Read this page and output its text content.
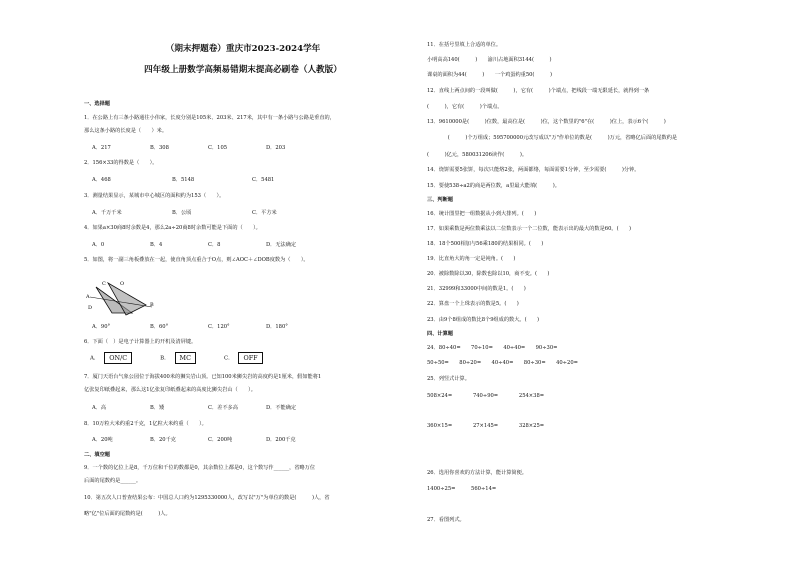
（期末押题卷）重庆市2023-2024学年
四年级上册数学高频易错期末提高必刷卷（人教版）
一、选择题
1．在公路上有三条小路通往小伟家，长度分别是105米、203米、217米，其中有一条小路与公路是垂直的，
那么这条小路的长度是（　　）米。
A．217	B．308	C．105	D．203
2．156×33的得数是（　　）。
A．468	B．5148	C．5481
3．测量结果显示，某城市中心城区的面积约为153（　　）。
A．千万千米	B．公顷	C．平方米
4．如果a×30商8时余数是4，那么2a÷20商8时余数可能是下面的（　　）。
A．0	B．4	C．8	D．无法确定
5．如图，将一副三角板叠放在一起，使直角顶点重合于O点，则∠AOC＋∠DOB度数为（　　）。
C
A
D
O
B
A．90°	B．60°	C．120°	D．180°
6．下面（　）是电子计算器上的开机及清屏键。
A． ON/C	B． MC	C． OFF
7．厦门天语台气象公园位于海拔400米的狮尖岩山顶。已知100米狮尖岩的高度约是1厘米，假如能将1
亿张复印纸叠起来，那么这1亿张复印纸叠起来的高度比狮尖岩山（　　）。
A．高	B．矮	C．差不多高	D．不能确定
8．10万粒大米约重2千克，1亿粒大米约重（　　）。
A．20吨	B．20千克	C．200吨	D．200千克
二、填空题
9．一个数的亿位上是8，千万位和千位的数都是0，其余数位上都是0，这个数写作______，省略万位
后面的尾数约是______。
10．第五次人口普查结果公布：中国总人口约为1295330000人，改写以"万"为单位的数是(　　　)人，省
略"亿"位后面的尾数约是(　　　)人。
11．在括号里填上合适的单位。
小明高高140(　　　)　　渝川占地面积3144(　　　)
课桌的面积为44(　　　)　　一个鸡蛋约重50(　　　)
12．直线上两点间的一段叫做(　　　)，它有(　　　)个端点，把线段一端无限延长，就得到一条
(　　　)，它有(　　　)个端点。
13．9610000是(　　　)位数，最高位是(　　　)位，这个数里的"6"在(　　　)位上，表示6个(　　　)
　　　　(　　　)个万组成；595700000元改写成以"万"作单位的数是(　　　)万元，省略亿后面的尾数约是
(　　　)亿元，580031206读作(　　　)。
14．烧饼需要5张饼，每次只能烙2张，两面都烙，每面需要1分钟，至少需要(　　　)分钟。
15．要使538÷a2的商是两位数，a里最大能填(　　　)。
三、判断题
16．统计图里把一组数据从小到大排列。(　　)
17．如果乘数是两位数乘法以二位数表示一个二位数，能表示出的最大的数是60。(　　)
18．18个500相加与56乘180的结果相同。(　　)
19．比直角大的角一定是钝角。(　　)
20．被除数除以30，除数也除以10，商不变。(　　)
21．32999和33000中间的数是1。(　　)
22．算盘一个上珠表示的数是5。(　　)
23．由9个8组成的数比8个9组成的数大。(　　)
四、计算题
24．80÷40=　　70÷10=　　40÷40=　　90÷30=
50÷50=　　80÷20=　　40÷40=　　80÷30=　　40÷20=
25．列竖式计算。
508×24=　　　　740÷90=　　　　254×38=
360×15=　　　　27×145=　　　　328×25=
26．选用你喜欢的方法计算，能计算简便。
1400÷25=　　　560÷14=
27．看图列式。
